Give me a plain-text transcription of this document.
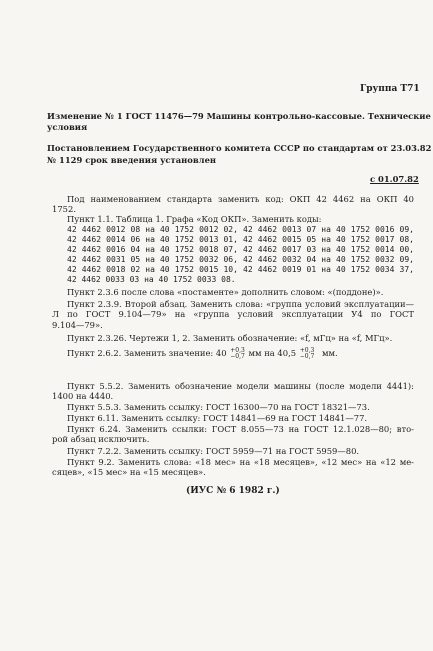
Группа Т71
Изменение № 1 ГОСТ 11476—79 Машины контрольно-кассовые. Технические
условия
Постановлением Государственного комитета СССР по стандартам от 23.03.82
№ 1129 срок введения установлен
с 01.07.82
Под наименованием стандарта заменить код: ОКП 42 4462 на ОКП 40
1752.
Пункт 1.1. Таблица 1. Графа «Код ОКП». Заменить коды:
42 4462 0012 08 на 40 1752 0012 02, 42 4462 0013 07 на 40 1752 0016 09,
42 4462 0014 06 на 40 1752 0013 01, 42 4462 0015 05 на 40 1752 0017 08,
42 4462 0016 04 на 40 1752 0018 07, 42 4462 0017 03 на 40 1752 0014 00,
42 4462 0031 05 на 40 1752 0032 06, 42 4462 0032 04 на 40 1752 0032 09,
42 4462 0018 02 на 40 1752 0015 10, 42 4462 0019 01 на 40 1752 0034 37,
42 4462 0033 03 на 40 1752 0033 08.
Пункт 2.3.6 после слова «постаменте» дополнить словом: «(поддоне)».
Пункт 2.3.9. Второй абзац. Заменить слова: «группа условий эксплуатации—
Л по ГОСТ 9.104—79» на «группа условий эксплуатации У4 по ГОСТ
9.104—79».
Пункт 2.3.26. Чертежи 1, 2. Заменить обозначение: «f, мГц» на «f, МГц».
Пункт 2.6.2. Заменить значение: 40 +0,3
−0,7 мм на 40,5 +0,3
−0,7 мм.
Пункт 5.5.2. Заменить обозначение модели машины (после модели 4441):
1400 на 4440.
Пункт 5.5.3. Заменить ссылку: ГОСТ 16300—70 на ГОСТ 18321—73.
Пункт 6.11. Заменить ссылку: ГОСТ 14841—69 на ГОСТ 14841—77.
Пункт 6.24. Заменить ссылки: ГОСТ 8.055—73 на ГОСТ 12.1.028—80; вто-
рой абзац исключить.
Пункт 7.2.2. Заменить ссылку: ГОСТ 5959—71 на ГОСТ 5959—80.
Пункт 9.2. Заменить слова: «18 мес» на «18 месяцев», «12 мес» на «12 ме-
сяцев», «15 мес» на «15 месяцев».
(ИУС № 6 1982 г.)
